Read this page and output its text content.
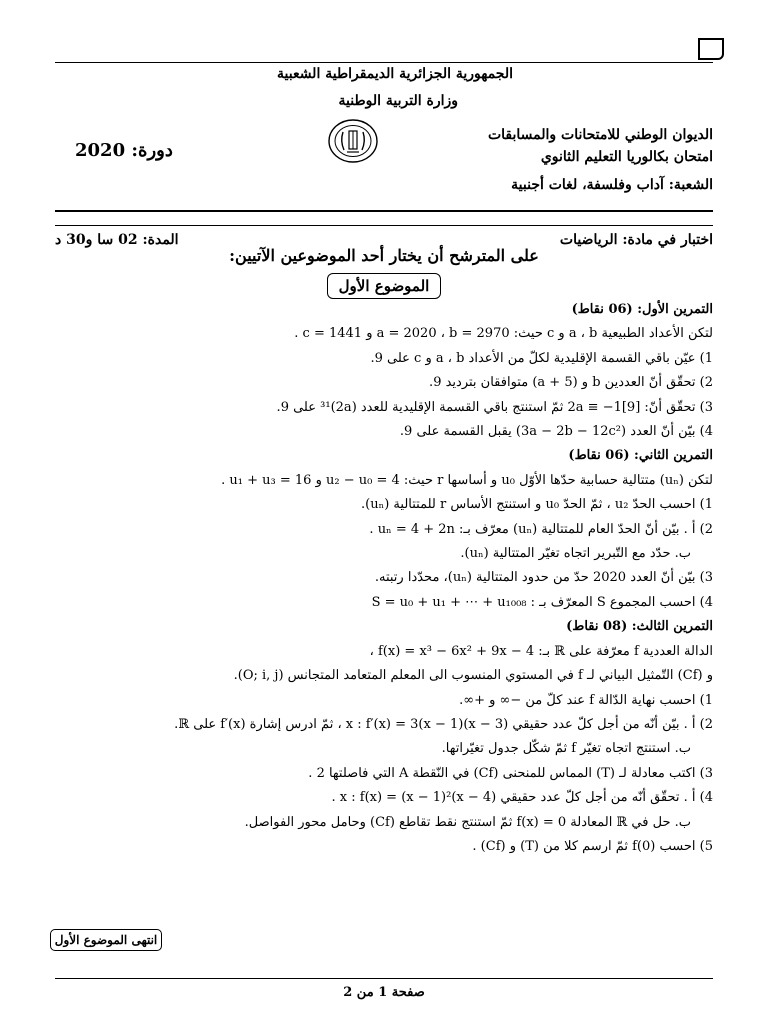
الجمهورية الجزائرية الديمقراطية الشعبية
وزارة التربية الوطنية
الديوان الوطني للامتحانات والمسابقات
امتحان بكالوريا التعليم الثانوي
الشعبة: آداب وفلسفة، لغات أجنبية
دورة: 2020
اختبار في مادة: الرياضيات
المدة: 02 سا و30 د
على المترشح أن يختار أحد الموضوعين الآتيين:
الموضوع الأول
التمرين الأول: (06 نقاط)
لتكن الأعداد الطبيعية a ، b و c حيث: a = 2020 ، b = 2970 و c = 1441 .
1) عيّن باقي القسمة الإقليدية لكلّ من الأعداد a ، b و c على 9.
2) تحقّق أنّ العددين b و (a + 5) متوافقان بترديد 9.
3) تحقّق أنّ: 2a ≡ −1[9] ثمّ استنتج باقي القسمة الإقليدية للعدد (2a)³¹ على 9.
4) بيّن أنّ العدد (3a − 2b − 12c²) يقبل القسمة على 9.
التمرين الثاني: (06 نقاط)
لتكن (uₙ) متتالية حسابية حدّها الأوّل u₀ و أساسها r حيث: u₂ − u₀ = 4 و u₁ + u₃ = 16 .
1) احسب الحدّ u₂ ، ثمّ الحدّ u₀ و استنتج الأساس r للمتتالية (uₙ).
2) أ . بيّن أنّ الحدّ العام للمتتالية (uₙ) معرّف بـ: uₙ = 4 + 2n .
ب. حدّد مع التّبرير اتجاه تغيّر المتتالية (uₙ).
3) بيّن أنّ العدد 2020 حدّ من حدود المتتالية (uₙ)، محدّدا رتبته.
4) احسب المجموع S المعرّف بـ : S = u₀ + u₁ + ⋯ + u₁₀₀₈
التمرين الثالث: (08 نقاط)
الدالة العددية f معرّفة على ℝ بـ: f(x) = x³ − 6x² + 9x − 4 ،
و (Cf) التّمثيل البياني لـ f في المستوي المنسوب الى المعلم المتعامد المتجانس (O; i, j).
1) احسب نهاية الدّالة f عند كلّ من −∞ و +∞.
2) أ . بيّن أنّه من أجل كلّ عدد حقيقي x : f′(x) = 3(x − 1)(x − 3) ، ثمّ ادرس إشارة f′(x) على ℝ.
ب. استنتج اتجاه تغيّر f ثمّ شكّل جدول تغيّراتها.
3) اكتب معادلة لـ (T) المماس للمنحنى (Cf) في النّقطة A التي فاصلتها 2 .
4) أ . تحقّق أنّه من أجل كلّ عدد حقيقي x : f(x) = (x − 1)²(x − 4) .
ب. حل في ℝ المعادلة f(x) = 0 ثمّ استنتج نقط تقاطع (Cf) وحامل محور الفواصل.
5) احسب f(0) ثمّ ارسم كلا من (T) و (Cf) .
انتهى الموضوع الأول
صفحة 1 من 2
